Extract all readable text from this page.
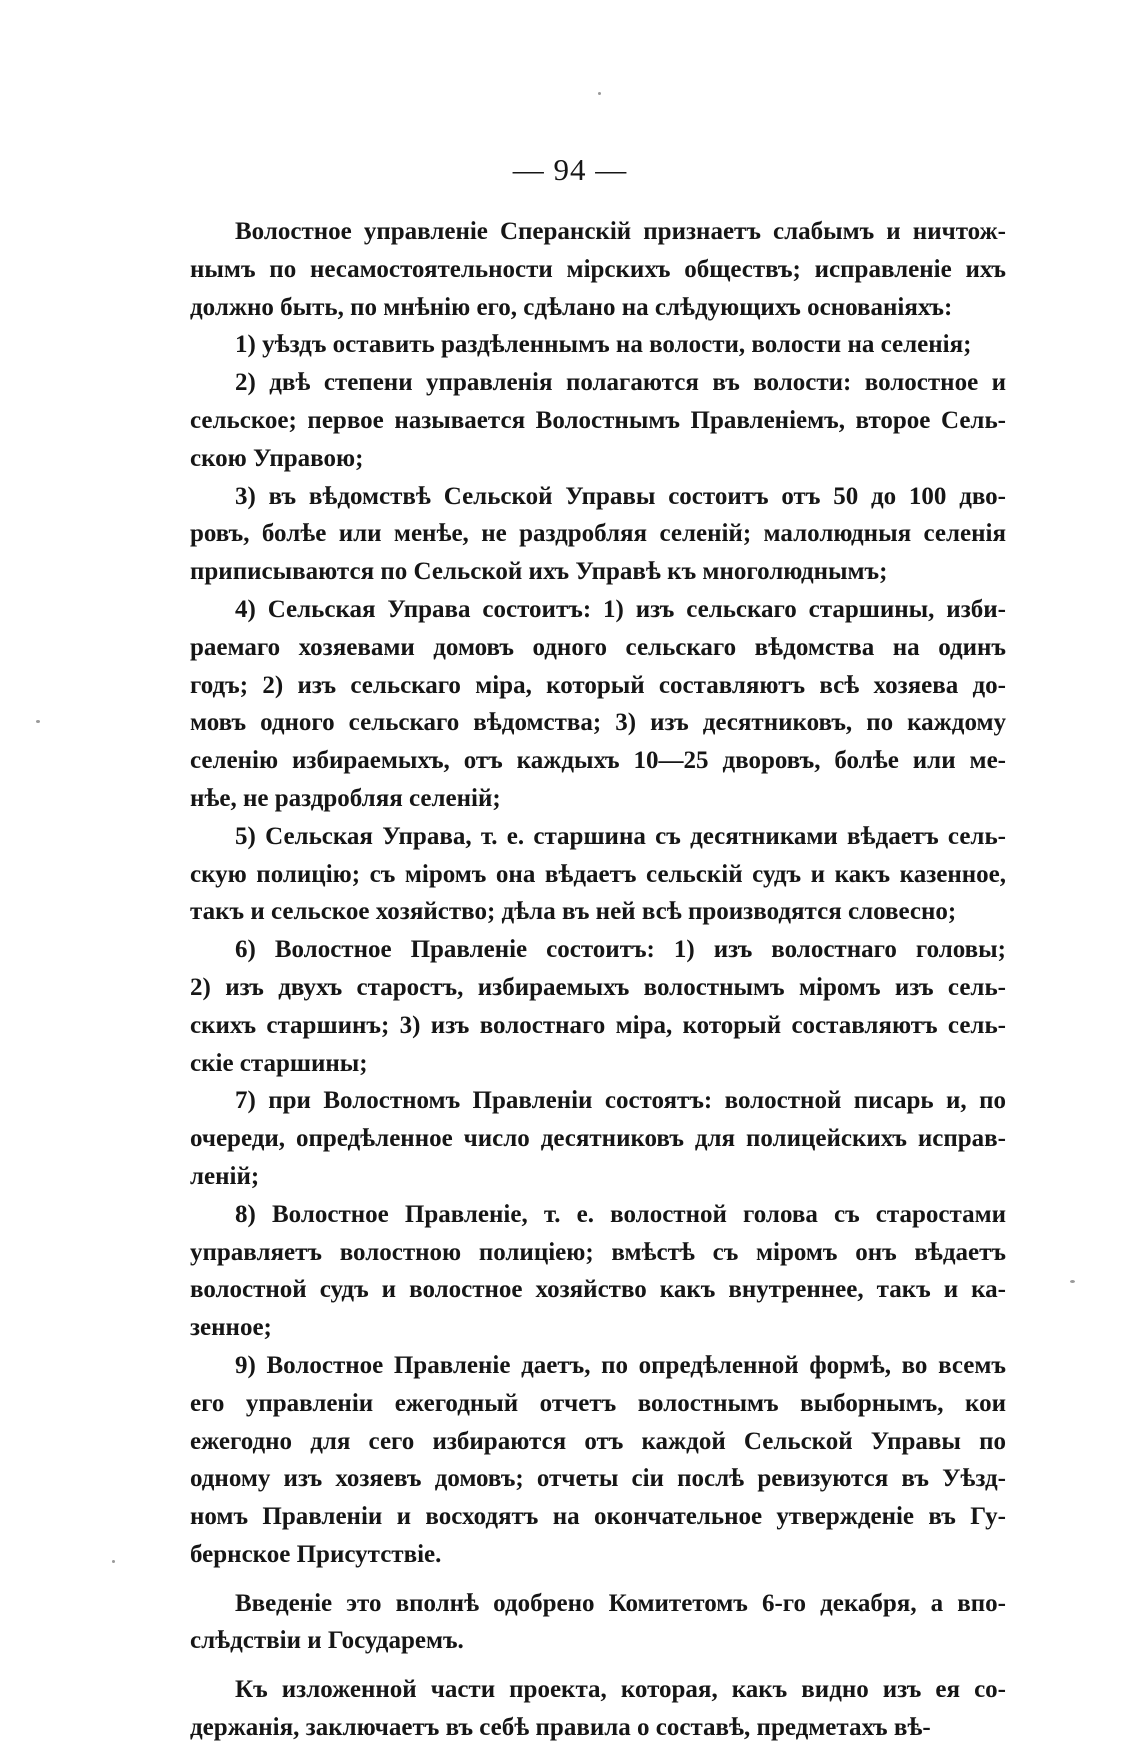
— 94 —
Волостное управленіе Сперанскій признаетъ слабымъ и ничтож-
нымъ по несамостоятельности мірскихъ обществъ; исправленіе ихъ
должно быть, по мнѣнію его, сдѣлано на слѣдующихъ основаніяхъ:
1) уѣздъ оставить раздѣленнымъ на волости, волости на селенія;
2) двѣ степени управленія полагаются въ волости: волостное и
сельское; первое называется Волостнымъ Правленіемъ, второе Сель-
скою Управою;
3) въ вѣдомствѣ Сельской Управы состоитъ отъ 50 до 100 дво-
ровъ, болѣе или менѣе, не раздробляя селеній; малолюдныя селенія
приписываются по Сельской ихъ Управѣ къ многолюднымъ;
4) Сельская Управа состоитъ: 1) изъ сельскаго старшины, изби-
раемаго хозяевами домовъ одного сельскаго вѣдомства на одинъ
годъ; 2) изъ сельскаго міра, который составляютъ всѣ хозяева до-
мовъ одного сельскаго вѣдомства; 3) изъ десятниковъ, по каждому
селенію избираемыхъ, отъ каждыхъ 10—25 дворовъ, болѣе или ме-
нѣе, не раздробляя селеній;
5) Сельская Управа, т. е. старшина съ десятниками вѣдаетъ сель-
скую полицію; съ міромъ она вѣдаетъ сельскій судъ и какъ казенное,
такъ и сельское хозяйство; дѣла въ ней всѣ производятся словесно;
6) Волостное Правленіе состоитъ: 1) изъ волостнаго головы;
2) изъ двухъ старостъ, избираемыхъ волостнымъ міромъ изъ сель-
скихъ старшинъ; 3) изъ волостнаго міра, который составляютъ сель-
скіе старшины;
7) при Волостномъ Правленіи состоятъ: волостной писарь и, по
очереди, опредѣленное число десятниковъ для полицейскихъ исправ-
леній;
8) Волостное Правленіе, т. е. волостной голова съ старостами
управляетъ волостною полиціею; вмѣстѣ съ міромъ онъ вѣдаетъ
волостной судъ и волостное хозяйство какъ внутреннее, такъ и ка-
зенное;
9) Волостное Правленіе даетъ, по опредѣленной формѣ, во всемъ
его управленіи ежегодный отчетъ волостнымъ выборнымъ, кои
ежегодно для сего избираются отъ каждой Сельской Управы по
одному изъ хозяевъ домовъ; отчеты сіи послѣ ревизуются въ Уѣзд-
номъ Правленіи и восходятъ на окончательное утвержденіе въ Гу-
бернское Присутствіе.
Введеніе это вполнѣ одобрено Комитетомъ 6-го декабря, а впо-
слѣдствіи и Государемъ.
Къ изложенной части проекта, которая, какъ видно изъ ея со-
держанія, заключаетъ въ себѣ правила о составѣ, предметахъ вѣ-
